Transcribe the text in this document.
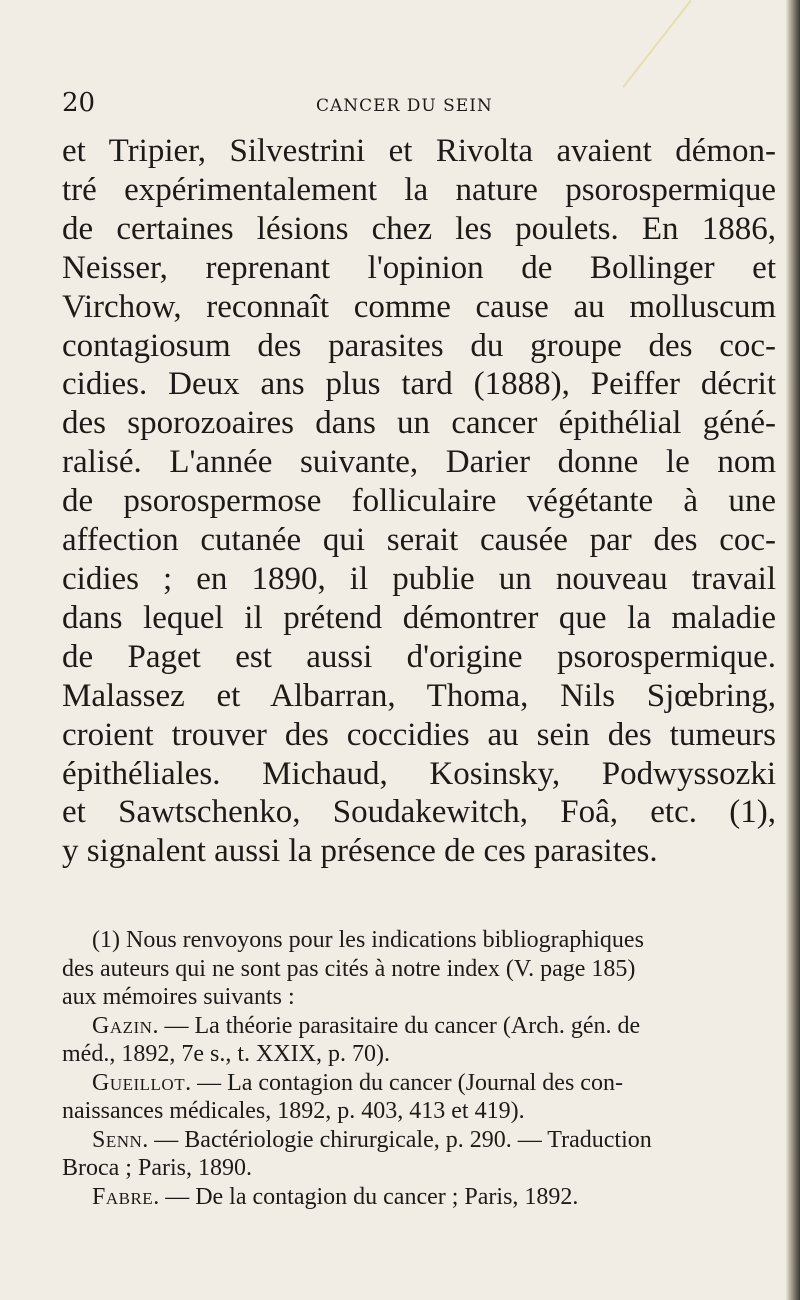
20	CANCER DU SEIN

et Tripier, Silvestrini et Rivolta avaient démon-
tré expérimentalement la nature psorospermique
de certaines lésions chez les poulets. En 1886,
Neisser, reprenant l'opinion de Bollinger et
Virchow, reconnaît comme cause au molluscum
contagiosum des parasites du groupe des coc-
cidies. Deux ans plus tard (1888), Peiffer décrit
des sporozoaires dans un cancer épithélial géné-
ralisé. L'année suivante, Darier donne le nom
de psorospermose folliculaire végétante à une
affection cutanée qui serait causée par des coc-
cidies ; en 1890, il publie un nouveau travail
dans lequel il prétend démontrer que la maladie
de Paget est aussi d'origine psorospermique.
Malassez et Albarran, Thoma, Nils Sjœbring,
croient trouver des coccidies au sein des tumeurs
épithéliales. Michaud, Kosinsky, Podwyssozki
et Sawtschenko, Soudakewitch, Foâ, etc. (1),
y signalent aussi la présence de ces parasites.

(1) Nous renvoyons pour les indications bibliographiques
des auteurs qui ne sont pas cités à notre index (V. page 185)
aux mémoires suivants :
Gazin. — La théorie parasitaire du cancer (Arch. gén. de
méd., 1892, 7e s., t. XXIX, p. 70).
Gueillot. — La contagion du cancer (Journal des con-
naissances médicales, 1892, p. 403, 413 et 419).
Senn. — Bactériologie chirurgicale, p. 290. — Traduction
Broca ; Paris, 1890.
Fabre. — De la contagion du cancer ; Paris, 1892.
